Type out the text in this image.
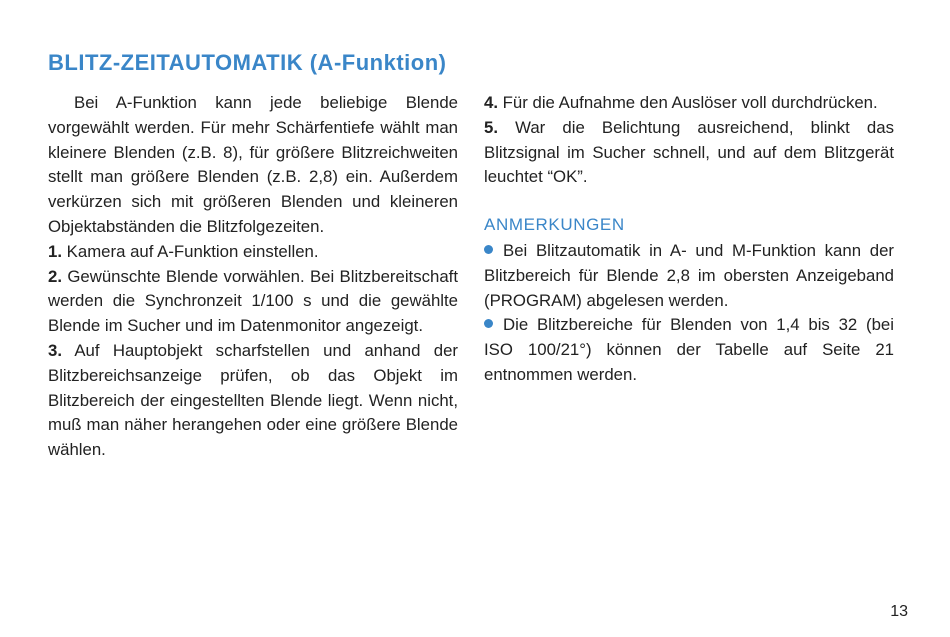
BLITZ-ZEITAUTOMATIK (A-Funktion)

Bei A-Funktion kann jede beliebige Blende vorgewählt werden. Für mehr Schärfentiefe wählt man kleinere Blenden (z.B. 8), für größere Blitzreichweiten stellt man größere Blenden (z.B. 2,8) ein. Außerdem verkürzen sich mit größeren Blenden und kleineren Objektabständen die Blitzfolgezeiten.

1. Kamera auf A-Funktion einstellen.

2. Gewünschte Blende vorwählen. Bei Blitzbereitschaft werden die Synchronzeit 1/100 s und die gewählte Blende im Sucher und im Datenmonitor angezeigt.

3. Auf Hauptobjekt scharfstellen und anhand der Blitzbereichsanzeige prüfen, ob das Objekt im Blitzbereich der eingestellten Blende liegt. Wenn nicht, muß man näher herangehen oder eine größere Blende wählen.

4. Für die Aufnahme den Auslöser voll durchdrücken.

5. War die Belichtung ausreichend, blinkt das Blitzsignal im Sucher schnell, und auf dem Blitzgerät leuchtet “OK”.

ANMERKUNGEN

Bei Blitzautomatik in A- und M-Funktion kann der Blitzbereich für Blende 2,8 im obersten Anzeigeband (PROGRAM) abgelesen werden.

Die Blitzbereiche für Blenden von 1,4 bis 32 (bei ISO 100/21°) können der Tabelle auf Seite 21 entnommen werden.

13
